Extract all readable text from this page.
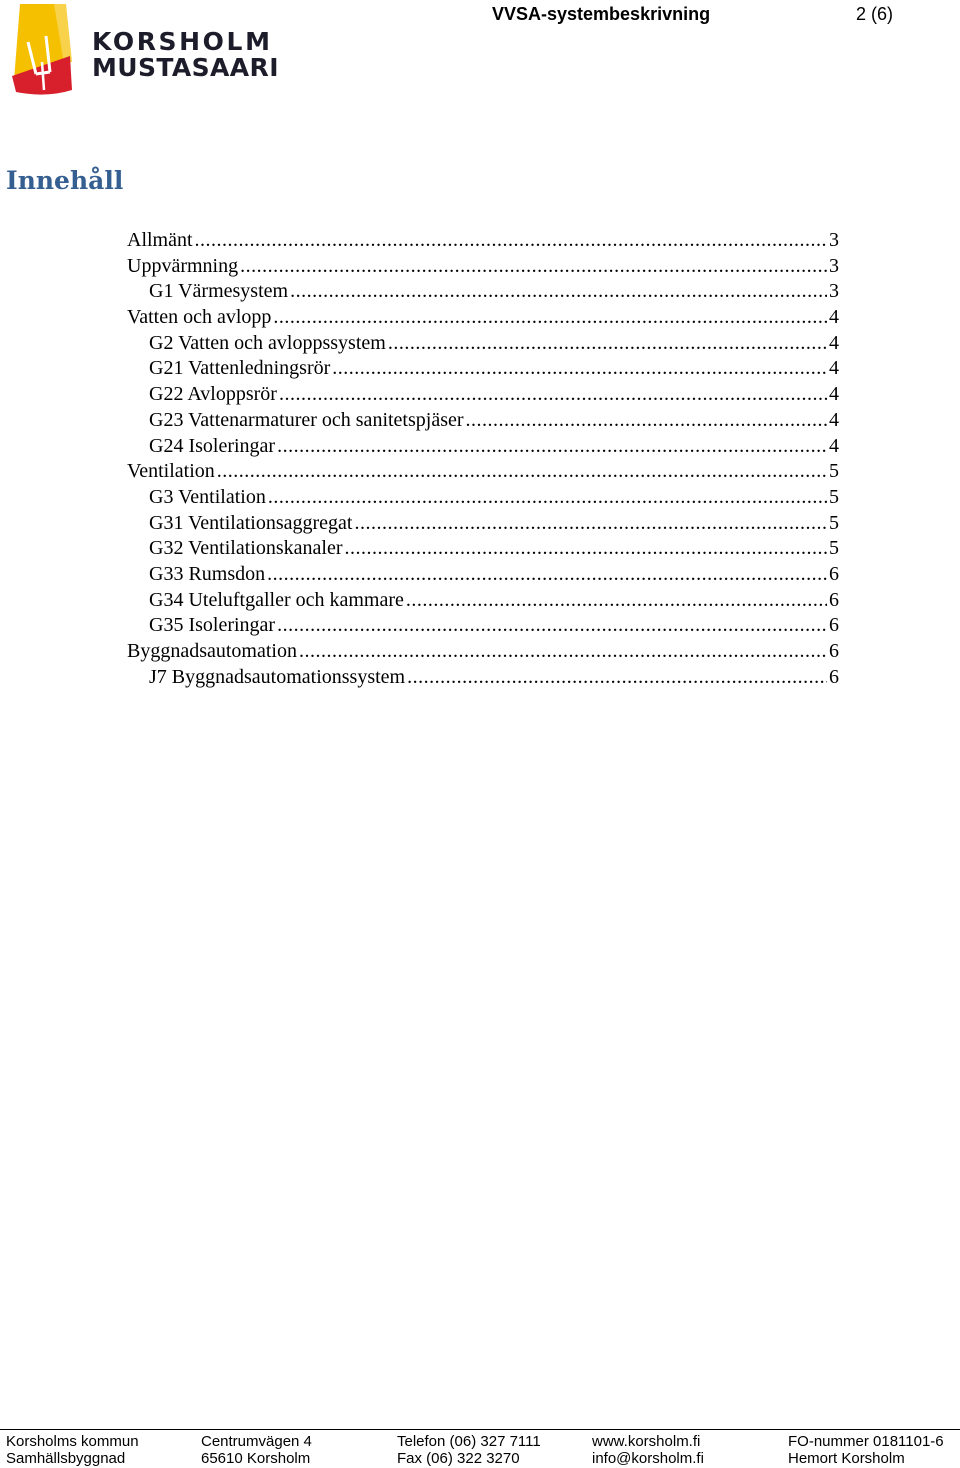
KORSHOLM
MUSTASAARI
VVSA-systembeskrivning	2 (6)
Innehåll
Allmänt .....	3
Uppvärmning .....	3
G1 Värmesystem .....	3
Vatten och avlopp .....	4
G2 Vatten och avloppssystem .....	4
G21 Vattenledningsrör .....	4
G22 Avloppsrör .....	4
G23 Vattenarmaturer och sanitetspjäser .....	4
G24 Isoleringar .....	4
Ventilation .....	5
G3 Ventilation .....	5
G31 Ventilationsaggregat .....	5
G32 Ventilationskanaler .....	5
G33 Rumsdon .....	6
G34 Uteluftgaller och kammare .....	6
G35 Isoleringar .....	6
Byggnadsautomation .....	6
J7 Byggnadsautomationssystem .....	6
Korsholms kommun
Samhällsbyggnad
Centrumvägen 4
65610 Korsholm
Telefon (06) 327 7111
Fax (06) 322 3270
www.korsholm.fi
info@korsholm.fi
FO-nummer 0181101-6
Hemort Korsholm
